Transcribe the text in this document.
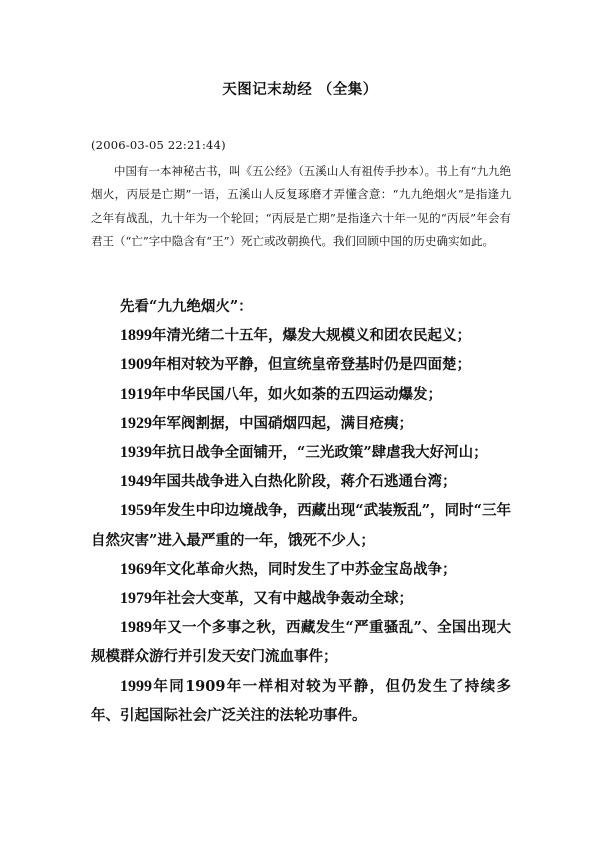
天图记末劫经 （全集）
(2006-03-05 22:21:44)

中国有一本神秘古书，叫《五公经》（五溪山人有祖传手抄本）。书上有“九九绝烟火，丙辰是亡期”一语，五溪山人反复琢磨才弄懂含意：“九九绝烟火”是指逢九之年有战乱，九十年为一个轮回；“丙辰是亡期”是指逢六十年一见的“丙辰”年会有君王（“亡”字中隐含有“王”）死亡或改朝换代。我们回顾中国的历史确实如此。

先看“九九绝烟火”：

1899年清光绪二十五年，爆发大规模义和团农民起义；

1909年相对较为平静，但宣统皇帝登基时仍是四面楚；

1919年中华民国八年，如火如荼的五四运动爆发；

1929年军阀割据，中国硝烟四起，满目疮痍；

1939年抗日战争全面铺开，“三光政策”肆虐我大好河山；

1949年国共战争进入白热化阶段，蒋介石逃通台湾；

1959年发生中印边境战争，西藏出现“武装叛乱”，同时“三年自然灾害”进入最严重的一年，饿死不少人；

1969年文化革命火热，同时发生了中苏金宝岛战争；

1979年社会大变革，又有中越战争轰动全球；

1989年又一个多事之秋，西藏发生“严重骚乱”、全国出现大规模群众游行并引发天安门流血事件；

1999年同1909年一样相对较为平静，但仍发生了持续多年、引起国际社会广泛关注的法轮功事件。
